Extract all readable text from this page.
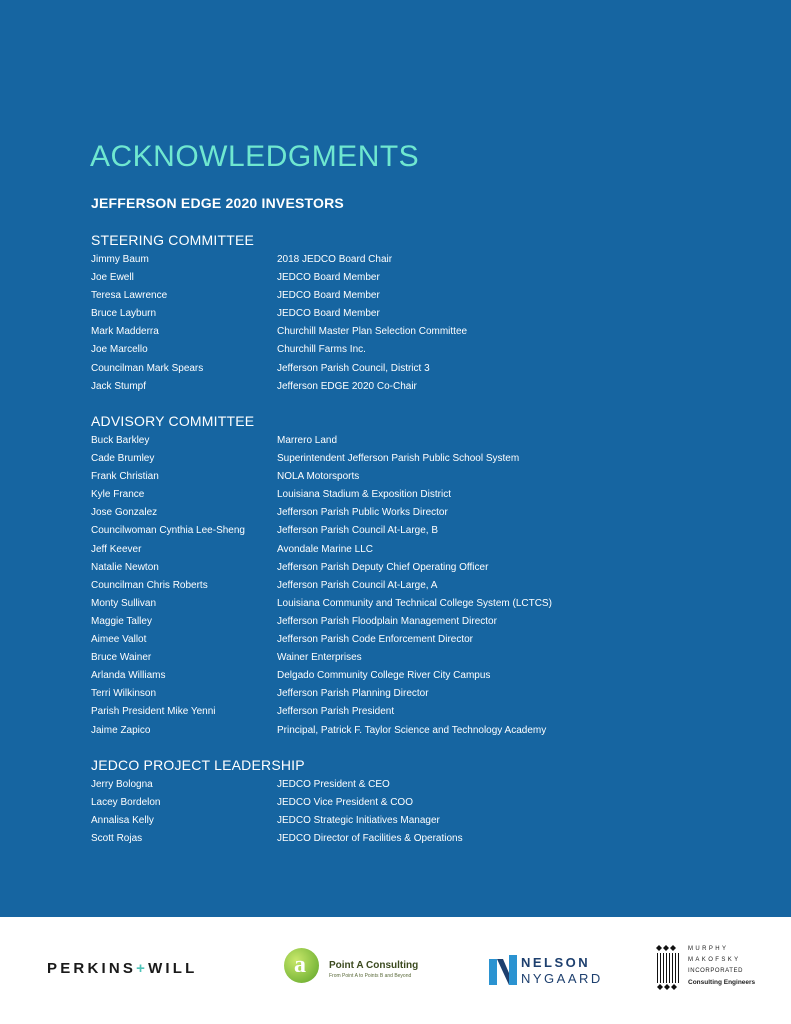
ACKNOWLEDGMENTS
JEFFERSON EDGE 2020 INVESTORS
STEERING COMMITTEE
Jimmy Baum	2018 JEDCO Board Chair
Joe Ewell	JEDCO Board Member
Teresa Lawrence	JEDCO Board Member
Bruce Layburn	JEDCO Board Member
Mark Madderra	Churchill Master Plan Selection Committee
Joe Marcello	Churchill Farms Inc.
Councilman Mark Spears	Jefferson Parish Council, District 3
Jack Stumpf	Jefferson EDGE 2020 Co-Chair
ADVISORY COMMITTEE
Buck Barkley	Marrero Land
Cade Brumley	Superintendent Jefferson Parish Public School System
Frank Christian	NOLA Motorsports
Kyle France	Louisiana Stadium & Exposition District
Jose Gonzalez	Jefferson Parish Public Works Director
Councilwoman Cynthia Lee-Sheng	Jefferson Parish Council At-Large, B
Jeff Keever	Avondale Marine LLC
Natalie Newton	Jefferson Parish Deputy Chief Operating Officer
Councilman Chris Roberts	Jefferson Parish Council At-Large, A
Monty Sullivan	Louisiana Community and Technical College System (LCTCS)
Maggie Talley	Jefferson Parish Floodplain Management Director
Aimee Vallot	Jefferson Parish Code Enforcement Director
Bruce Wainer	Wainer Enterprises
Arlanda Williams	Delgado Community College River City Campus
Terri Wilkinson	Jefferson Parish Planning Director
Parish President Mike Yenni	Jefferson Parish President
Jaime Zapico	Principal, Patrick F. Taylor Science and Technology Academy
JEDCO PROJECT LEADERSHIP
Jerry Bologna	JEDCO President & CEO
Lacey Bordelon	JEDCO Vice President & COO
Annalisa Kelly	JEDCO Strategic Initiatives Manager
Scott Rojas	JEDCO Director of Facilities & Operations
PERKINS+WILL	a Point A Consulting
From Point A to Points B and Beyond
NELSON
NYGAARD
MURPHY
MAKOFSKY
INCORPORATED
Consulting Engineers
